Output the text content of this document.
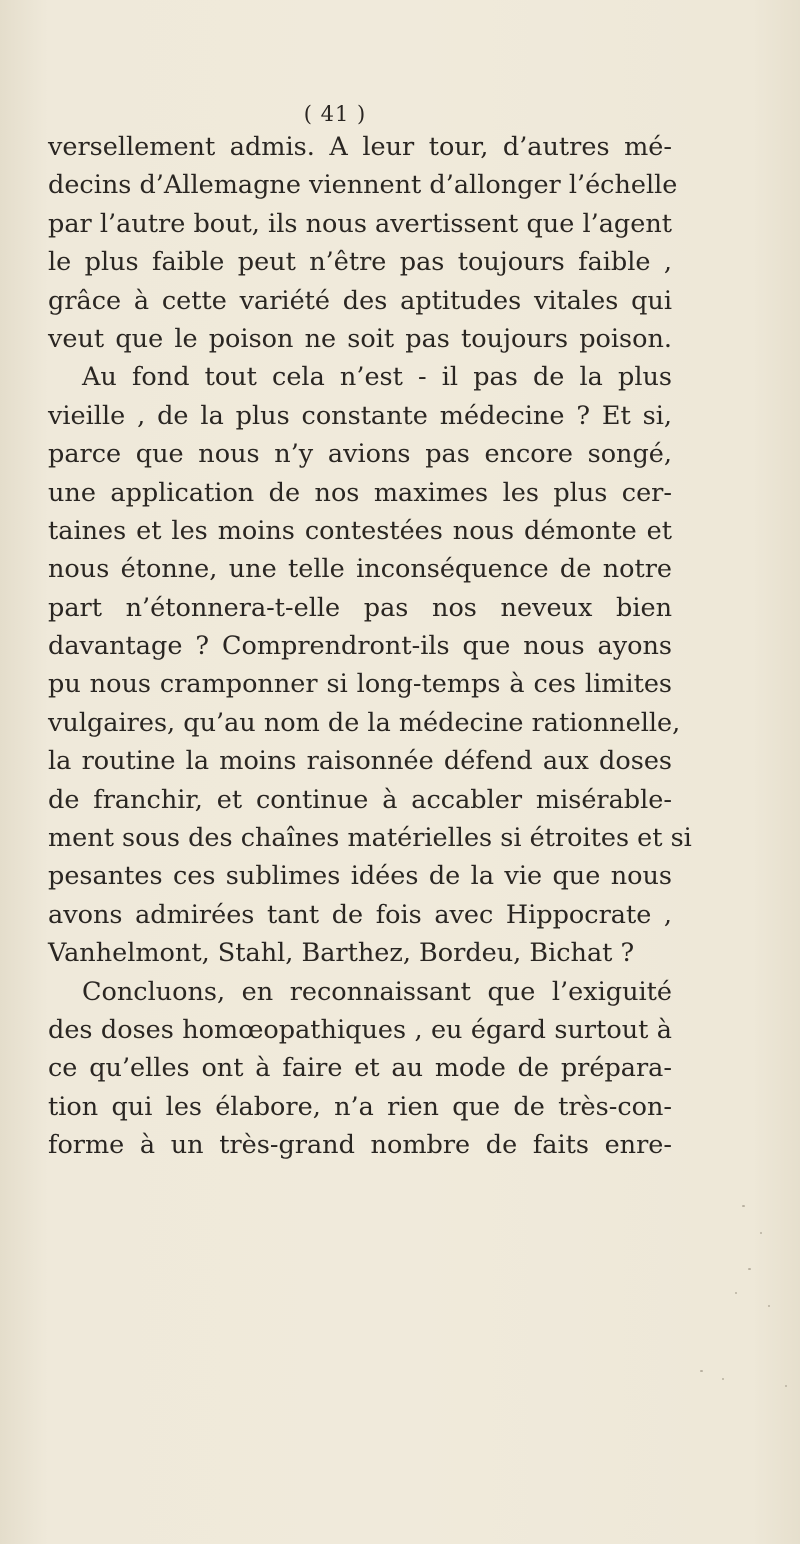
( 41 )
versellement admis. A leur tour, d’autres mé-
decins d’Allemagne viennent d’allonger l’échelle
par l’autre bout, ils nous avertissent que l’agent
le plus faible peut n’être pas toujours faible ,
grâce à cette variété des aptitudes vitales qui
veut que le poison ne soit pas toujours poison.
Au fond tout cela n’est - il pas de la plus
vieille , de la plus constante médecine ? Et si,
parce que nous n’y avions pas encore songé,
une application de nos maximes les plus cer-
taines et les moins contestées nous démonte et
nous étonne, une telle inconséquence de notre
part n’étonnera-t-elle pas nos neveux bien
davantage ? Comprendront-ils que nous ayons
pu nous cramponner si long-temps à ces limites
vulgaires, qu’au nom de la médecine rationnelle,
la routine la moins raisonnée défend aux doses
de franchir, et continue à accabler misérable-
ment sous des chaînes matérielles si étroites et si
pesantes ces sublimes idées de la vie que nous
avons admirées tant de fois avec Hippocrate ,
Vanhelmont, Stahl, Barthez, Bordeu, Bichat ?
Concluons, en reconnaissant que l’exiguité
des doses homœopathiques , eu égard surtout à
ce qu’elles ont à faire et au mode de prépara-
tion qui les élabore, n’a rien que de très-con-
forme à un très-grand nombre de faits enre-
